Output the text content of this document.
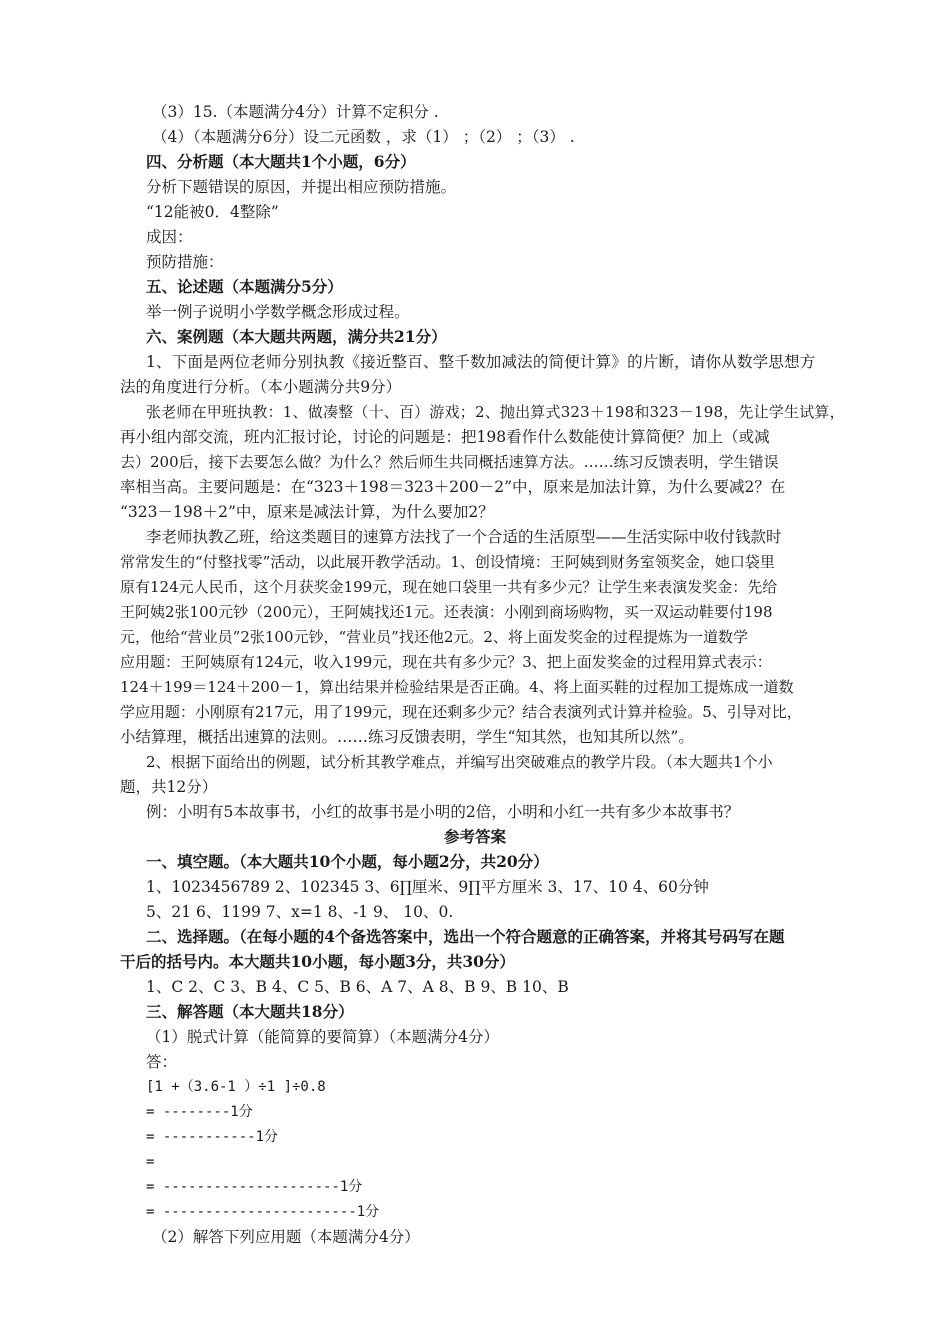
（3）15.（本题满分4分）计算不定积分 .
（4）（本题满分6分）设二元函数 ，求（1） ；（2） ；（3） .
四、分析题（本大题共1个小题，6分）
分析下题错误的原因，并提出相应预防措施。
“12能被0．4整除”
成因：
预防措施：
五、论述题（本题满分5分）
举一例子说明小学数学概念形成过程。
六、案例题（本大题共两题，满分共21分）
1、下面是两位老师分别执教《接近整百、整千数加减法的简便计算》的片断，请你从数学思想方
法的角度进行分析。（本小题满分共9分）
张老师在甲班执教：1、做凑整（十、百）游戏；2、抛出算式323＋198和323－198，先让学生试算，
再小组内部交流，班内汇报讨论，讨论的问题是：把198看作什么数能使计算简便？加上（或减
去）200后，接下去要怎么做？为什么？然后师生共同概括速算方法。……练习反馈表明，学生错误
率相当高。主要问题是：在“323＋198＝323＋200－2”中，原来是加法计算，为什么要减2？在
“323－198＋2”中，原来是减法计算，为什么要加2？
李老师执教乙班，给这类题目的速算方法找了一个合适的生活原型——生活实际中收付钱款时
常常发生的“付整找零”活动，以此展开教学活动。1、创设情境：王阿姨到财务室领奖金，她口袋里
原有124元人民币，这个月获奖金199元，现在她口袋里一共有多少元？让学生来表演发奖金：先给
王阿姨2张100元钞（200元），王阿姨找还1元。还表演：小刚到商场购物，买一双运动鞋要付198
元，他给“营业员”2张100元钞，“营业员”找还他2元。2、将上面发奖金的过程提炼为一道数学
应用题：王阿姨原有124元，收入199元，现在共有多少元？3、把上面发奖金的过程用算式表示：
124＋199＝124＋200－1，算出结果并检验结果是否正确。4、将上面买鞋的过程加工提炼成一道数
学应用题：小刚原有217元，用了199元，现在还剩多少元？结合表演列式计算并检验。5、引导对比，
小结算理，概括出速算的法则。……练习反馈表明，学生“知其然，也知其所以然”。
2、根据下面给出的例题，试分析其教学难点，并编写出突破难点的教学片段。（本大题共1个小
题，共12分）
例：小明有5本故事书，小红的故事书是小明的2倍，小明和小红一共有多少本故事书？
参考答案
一、填空题。（本大题共10个小题，每小题2分，共20分）
1、1023456789 2、102345 3、6∏厘米、9∏平方厘米 3、17、10 4、60分钟
5、21 6、1199 7、x=1 8、-1 9、 10、0.
二、选择题。（在每小题的4个备选答案中，选出一个符合题意的正确答案，并将其号码写在题
干后的括号内。本大题共10小题，每小题3分，共30分）
1、C 2、C 3、B 4、C 5、B 6、A 7、A 8、B 9、B 10、B
三、解答题（本大题共18分）
（1）脱式计算（能简算的要简算）（本题满分4分）
答：
[1 +（3.6-1 ）÷1 ]÷0.8
= --------1分
= -----------1分
=
= ---------------------1分
= -----------------------1分
（2）解答下列应用题（本题满分4分）
